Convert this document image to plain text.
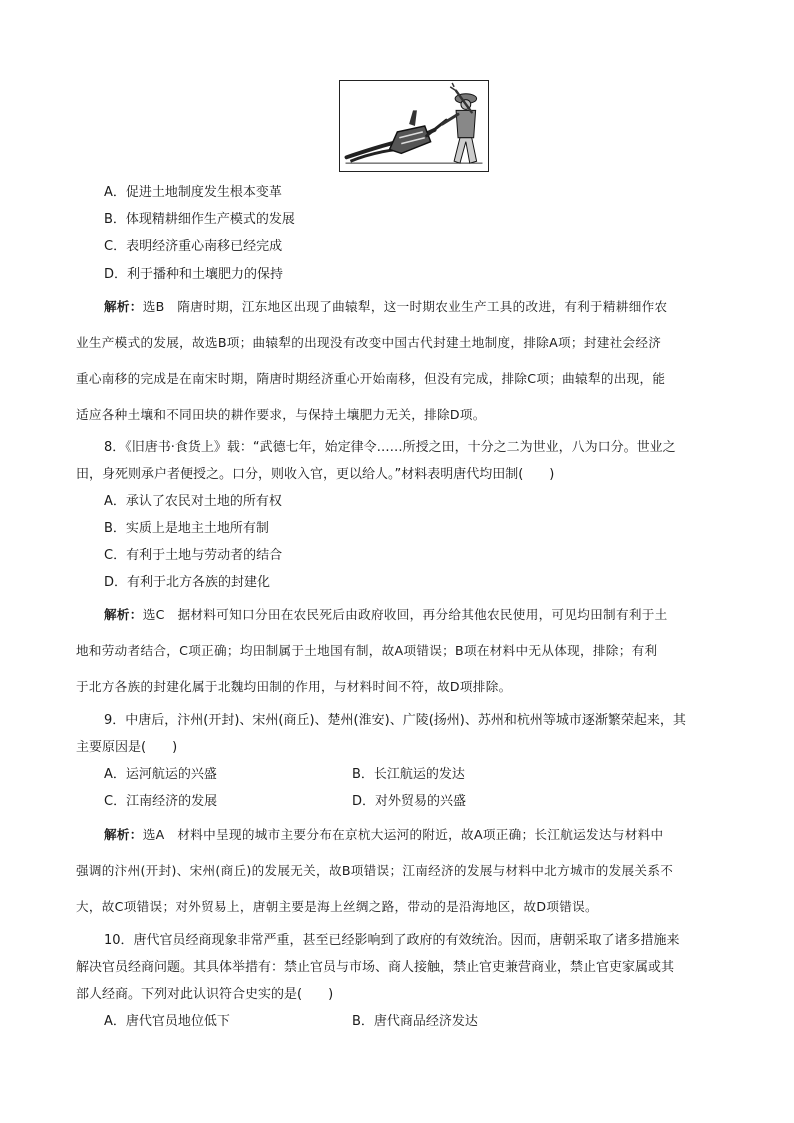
A．促进土地制度发生根本变革
B．体现精耕细作生产模式的发展
C．表明经济重心南移已经完成
D．利于播种和土壤肥力的保持
解析：选B　隋唐时期，江东地区出现了曲辕犁，这一时期农业生产工具的改进，有利于精耕细作农
业生产模式的发展，故选B项；曲辕犁的出现没有改变中国古代封建土地制度，排除A项；封建社会经济
重心南移的完成是在南宋时期，隋唐时期经济重心开始南移，但没有完成，排除C项；曲辕犁的出现，能
适应各种土壤和不同田块的耕作要求，与保持土壤肥力无关，排除D项。
8．《旧唐书·食货上》载：“武德七年，始定律令……所授之田，十分之二为世业，八为口分。世业之
田，身死则承户者便授之。口分，则收入官，更以给人。”材料表明唐代均田制(　　)
A．承认了农民对土地的所有权
B．实质上是地主土地所有制
C．有利于土地与劳动者的结合
D．有利于北方各族的封建化
解析：选C　据材料可知口分田在农民死后由政府收回，再分给其他农民使用，可见均田制有利于土
地和劳动者结合，C项正确；均田制属于土地国有制，故A项错误；B项在材料中无从体现，排除；有利
于北方各族的封建化属于北魏均田制的作用，与材料时间不符，故D项排除。
9．中唐后，汴州(开封)、宋州(商丘)、楚州(淮安)、广陵(扬州)、苏州和杭州等城市逐渐繁荣起来，其
主要原因是(　　)
A．运河航运的兴盛	B．长江航运的发达
C．江南经济的发展	D．对外贸易的兴盛
解析：选A　材料中呈现的城市主要分布在京杭大运河的附近，故A项正确；长江航运发达与材料中
强调的汴州(开封)、宋州(商丘)的发展无关，故B项错误；江南经济的发展与材料中北方城市的发展关系不
大，故C项错误；对外贸易上，唐朝主要是海上丝绸之路，带动的是沿海地区，故D项错误。
10．唐代官员经商现象非常严重，甚至已经影响到了政府的有效统治。因而，唐朝采取了诸多措施来
解决官员经商问题。其具体举措有：禁止官员与市场、商人接触，禁止官吏兼营商业，禁止官吏家属或其
部人经商。下列对此认识符合史实的是(　　)
A．唐代官员地位低下	B．唐代商品经济发达
